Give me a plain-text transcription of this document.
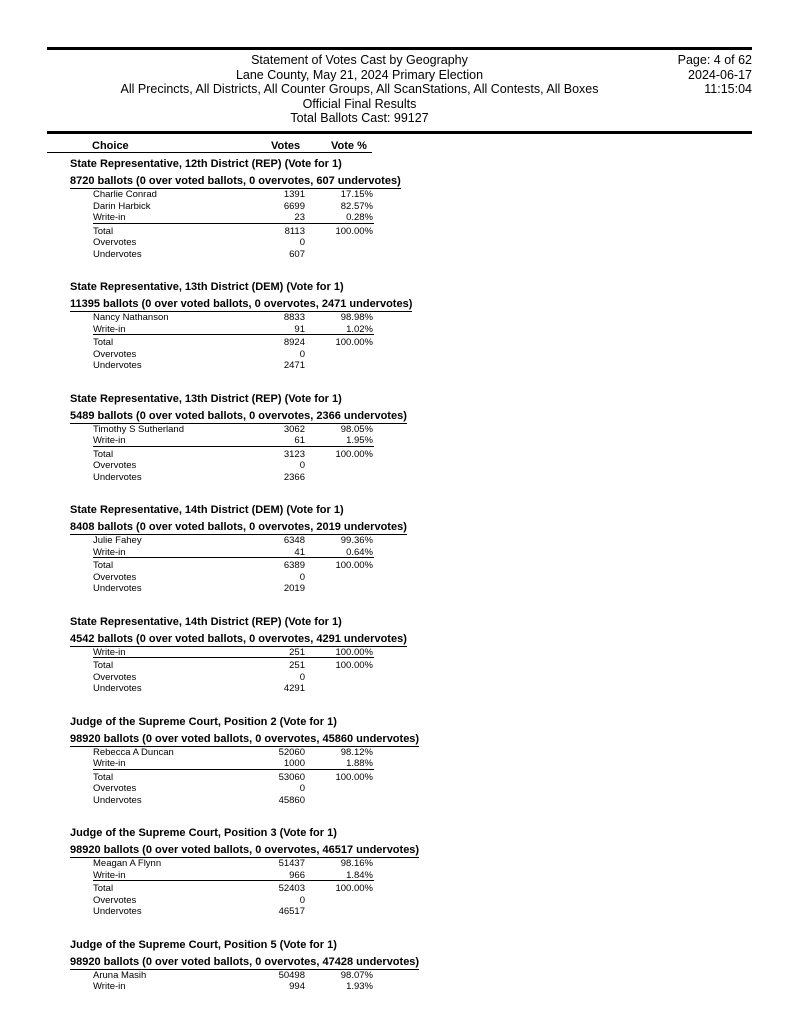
Statement of Votes Cast by Geography
Lane County, May 21, 2024 Primary Election
All Precincts, All Districts, All Counter Groups, All ScanStations, All Contests, All Boxes
Official Final Results
Total Ballots Cast: 99127
Page: 4 of 62
2024-06-17
11:15:04
Choice	Votes	Vote %
State Representative, 12th District (REP) (Vote for 1)
8720 ballots (0 over voted ballots, 0 overvotes, 607 undervotes)
Charlie Conrad	1391	17.15%
Darin Harbick	6699	82.57%
Write-in	23	0.28%
Total	8113	100.00%
Overvotes	0
Undervotes	607
State Representative, 13th District (DEM) (Vote for 1)
11395 ballots (0 over voted ballots, 0 overvotes, 2471 undervotes)
Nancy Nathanson	8833	98.98%
Write-in	91	1.02%
Total	8924	100.00%
Overvotes	0
Undervotes	2471
State Representative, 13th District (REP) (Vote for 1)
5489 ballots (0 over voted ballots, 0 overvotes, 2366 undervotes)
Timothy S Sutherland	3062	98.05%
Write-in	61	1.95%
Total	3123	100.00%
Overvotes	0
Undervotes	2366
State Representative, 14th District (DEM) (Vote for 1)
8408 ballots (0 over voted ballots, 0 overvotes, 2019 undervotes)
Julie Fahey	6348	99.36%
Write-in	41	0.64%
Total	6389	100.00%
Overvotes	0
Undervotes	2019
State Representative, 14th District (REP) (Vote for 1)
4542 ballots (0 over voted ballots, 0 overvotes, 4291 undervotes)
Write-in	251	100.00%
Total	251	100.00%
Overvotes	0
Undervotes	4291
Judge of the Supreme Court, Position 2 (Vote for 1)
98920 ballots (0 over voted ballots, 0 overvotes, 45860 undervotes)
Rebecca A Duncan	52060	98.12%
Write-in	1000	1.88%
Total	53060	100.00%
Overvotes	0
Undervotes	45860
Judge of the Supreme Court, Position 3 (Vote for 1)
98920 ballots (0 over voted ballots, 0 overvotes, 46517 undervotes)
Meagan A Flynn	51437	98.16%
Write-in	966	1.84%
Total	52403	100.00%
Overvotes	0
Undervotes	46517
Judge of the Supreme Court, Position 5 (Vote for 1)
98920 ballots (0 over voted ballots, 0 overvotes, 47428 undervotes)
Aruna Masih	50498	98.07%
Write-in	994	1.93%
